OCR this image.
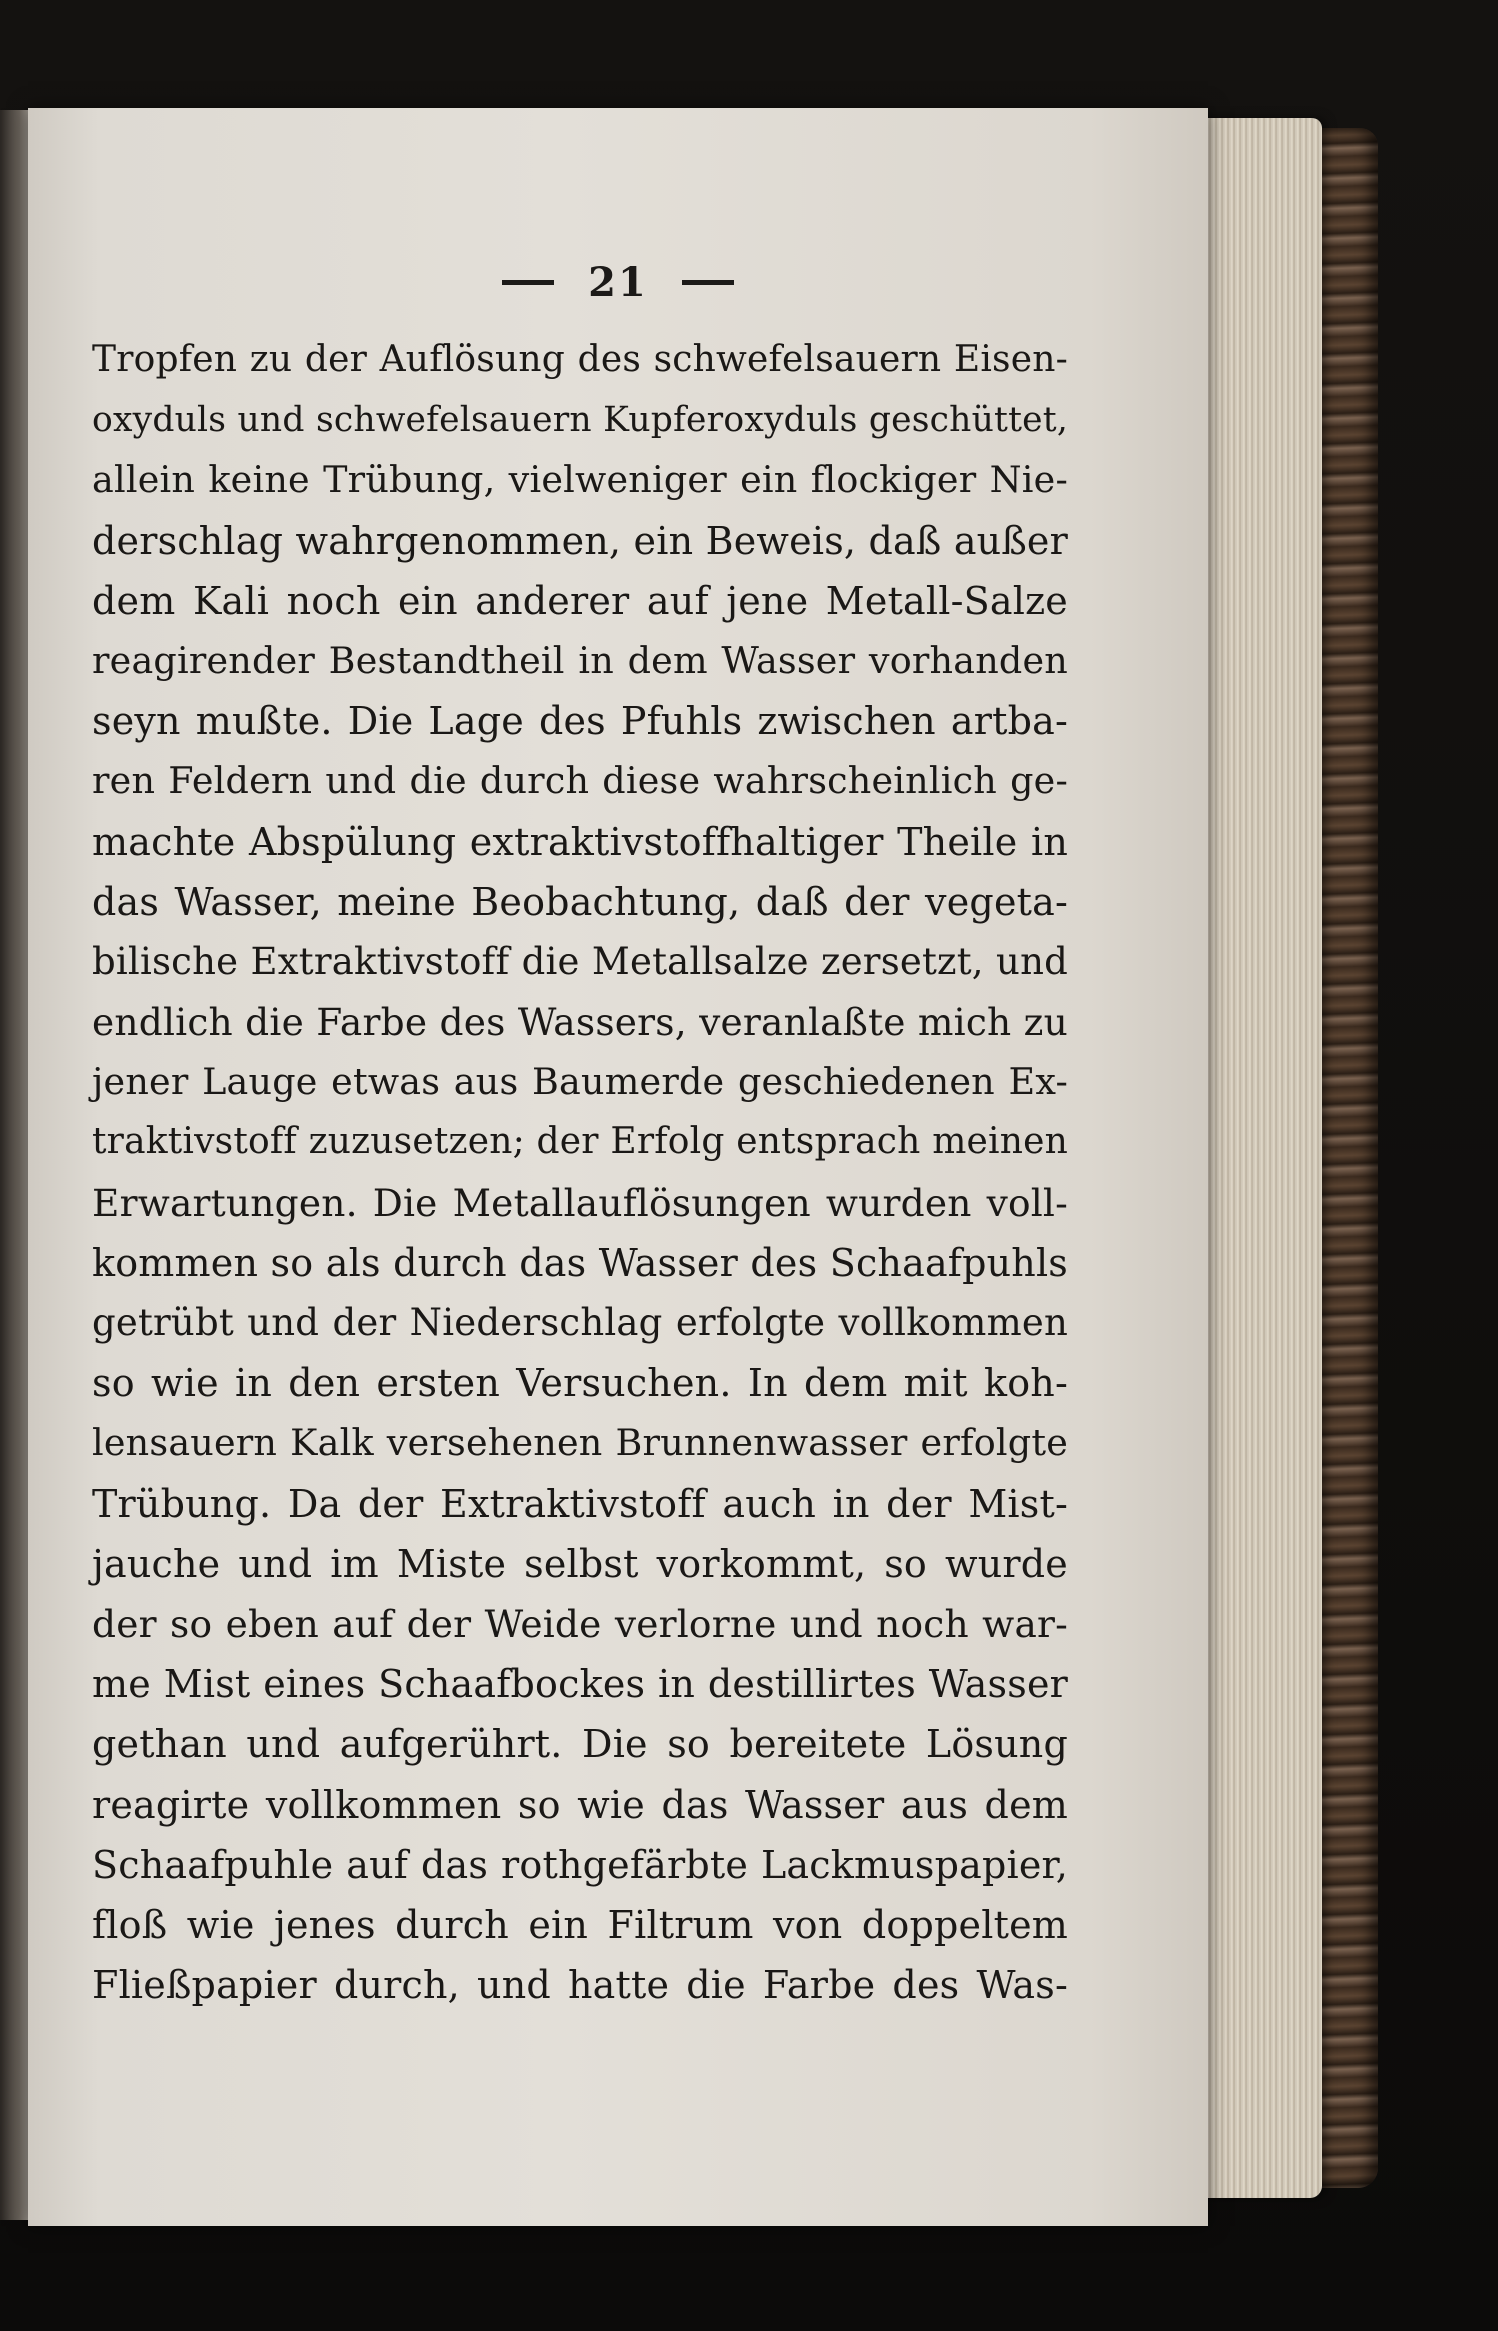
21
Tropfen zu der Auflösung des schwefelsauern Eisen-
oxyduls und schwefelsauern Kupferoxyduls geschüttet,
allein keine Trübung, vielweniger ein flockiger Nie-
derschlag wahrgenommen, ein Beweis, daß außer
dem Kali noch ein anderer auf jene Metall-Salze
reagirender Bestandtheil in dem Wasser vorhanden
seyn mußte. Die Lage des Pfuhls zwischen artba-
ren Feldern und die durch diese wahrscheinlich ge-
machte Abspülung extraktivstoffhaltiger Theile in
das Wasser, meine Beobachtung, daß der vegeta-
bilische Extraktivstoff die Metallsalze zersetzt, und
endlich die Farbe des Wassers, veranlaßte mich zu
jener Lauge etwas aus Baumerde geschiedenen Ex-
traktivstoff zuzusetzen; der Erfolg entsprach meinen
Erwartungen. Die Metallauflösungen wurden voll-
kommen so als durch das Wasser des Schaafpuhls
getrübt und der Niederschlag erfolgte vollkommen
so wie in den ersten Versuchen. In dem mit koh-
lensauern Kalk versehenen Brunnenwasser erfolgte
Trübung. Da der Extraktivstoff auch in der Mist-
jauche und im Miste selbst vorkommt, so wurde
der so eben auf der Weide verlorne und noch war-
me Mist eines Schaafbockes in destillirtes Wasser
gethan und aufgerührt. Die so bereitete Lösung
reagirte vollkommen so wie das Wasser aus dem
Schaafpuhle auf das rothgefärbte Lackmuspapier,
floß wie jenes durch ein Filtrum von doppeltem
Fließpapier durch, und hatte die Farbe des Was-
